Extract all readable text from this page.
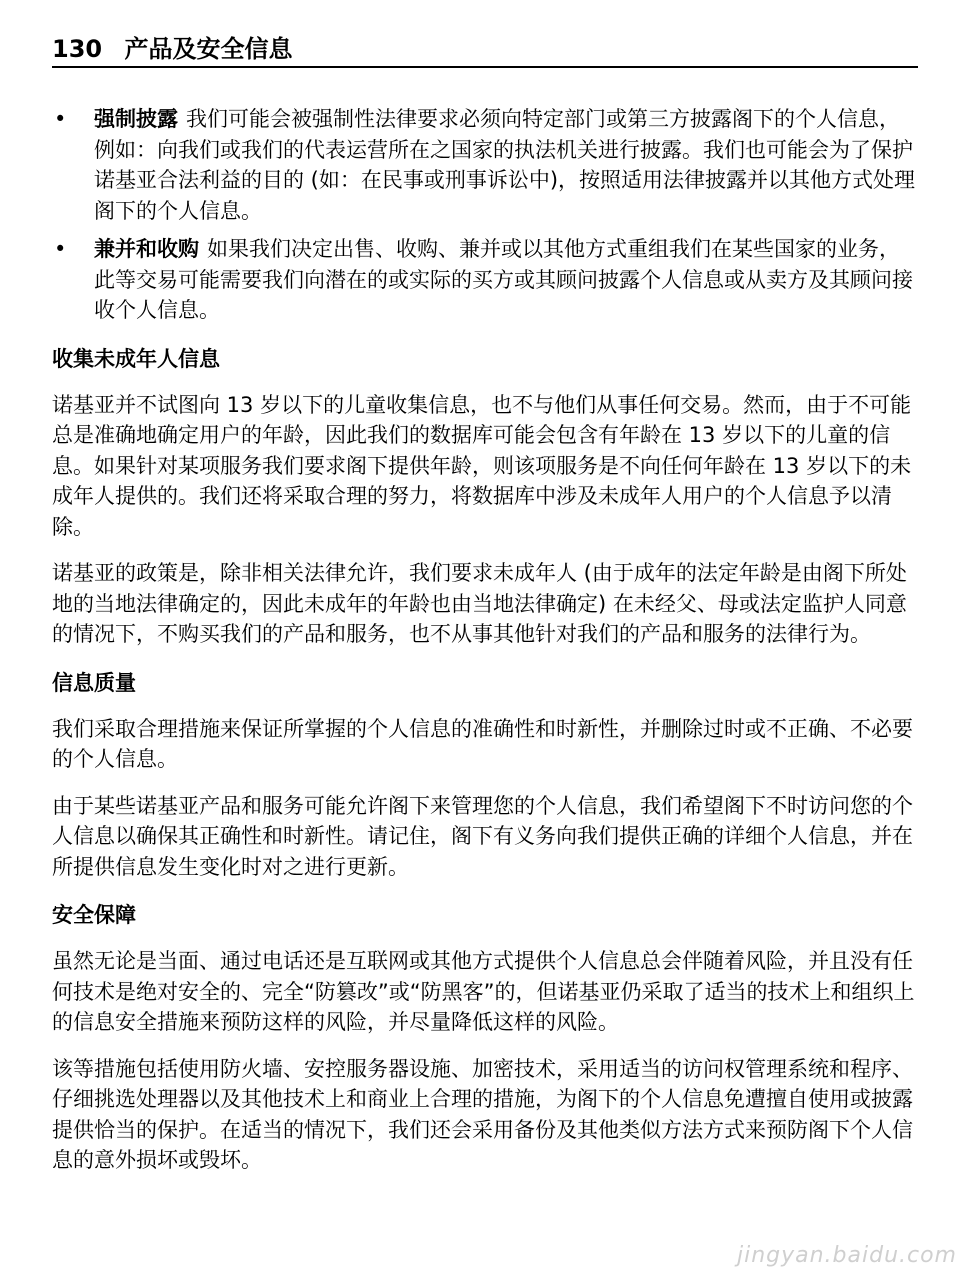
130 产品及安全信息
• 强制披露 我们可能会被强制性法律要求必须向特定部门或第三方披露阁下的个人信息，例如：向我们或我们的代表运营所在之国家的执法机关进行披露。我们也可能会为了保护诺基亚合法利益的目的 (如：在民事或刑事诉讼中)，按照适用法律披露并以其他方式处理阁下的个人信息。
• 兼并和收购 如果我们决定出售、收购、兼并或以其他方式重组我们在某些国家的业务，此等交易可能需要我们向潜在的或实际的买方或其顾问披露个人信息或从卖方及其顾问接收个人信息。
收集未成年人信息

诺基亚并不试图向 13 岁以下的儿童收集信息，也不与他们从事任何交易。然而，由于不可能总是准确地确定用户的年龄，因此我们的数据库可能会包含有年龄在 13 岁以下的儿童的信息。如果针对某项服务我们要求阁下提供年龄，则该项服务是不向任何年龄在 13 岁以下的未成年人提供的。我们还将采取合理的努力，将数据库中涉及未成年人用户的个人信息予以清除。

诺基亚的政策是，除非相关法律允许，我们要求未成年人 (由于成年的法定年龄是由阁下所处地的当地法律确定的，因此未成年的年龄也由当地法律确定) 在未经父、母或法定监护人同意的情况下，不购买我们的产品和服务，也不从事其他针对我们的产品和服务的法律行为。

信息质量

我们采取合理措施来保证所掌握的个人信息的准确性和时新性，并删除过时或不正确、不必要的个人信息。

由于某些诺基亚产品和服务可能允许阁下来管理您的个人信息，我们希望阁下不时访问您的个人信息以确保其正确性和时新性。请记住，阁下有义务向我们提供正确的详细个人信息，并在所提供信息发生变化时对之进行更新。

安全保障

虽然无论是当面、通过电话还是互联网或其他方式提供个人信息总会伴随着风险，并且没有任何技术是绝对安全的、完全“防篡改”或“防黑客”的，但诺基亚仍采取了适当的技术上和组织上的信息安全措施来预防这样的风险，并尽量降低这样的风险。

该等措施包括使用防火墙、安控服务器设施、加密技术，采用适当的访问权管理系统和程序、仔细挑选处理器以及其他技术上和商业上合理的措施，为阁下的个人信息免遭擅自使用或披露提供恰当的保护。在适当的情况下，我们还会采用备份及其他类似方法方式来预防阁下个人信息的意外损坏或毁坏。

jingyan.baidu.com
